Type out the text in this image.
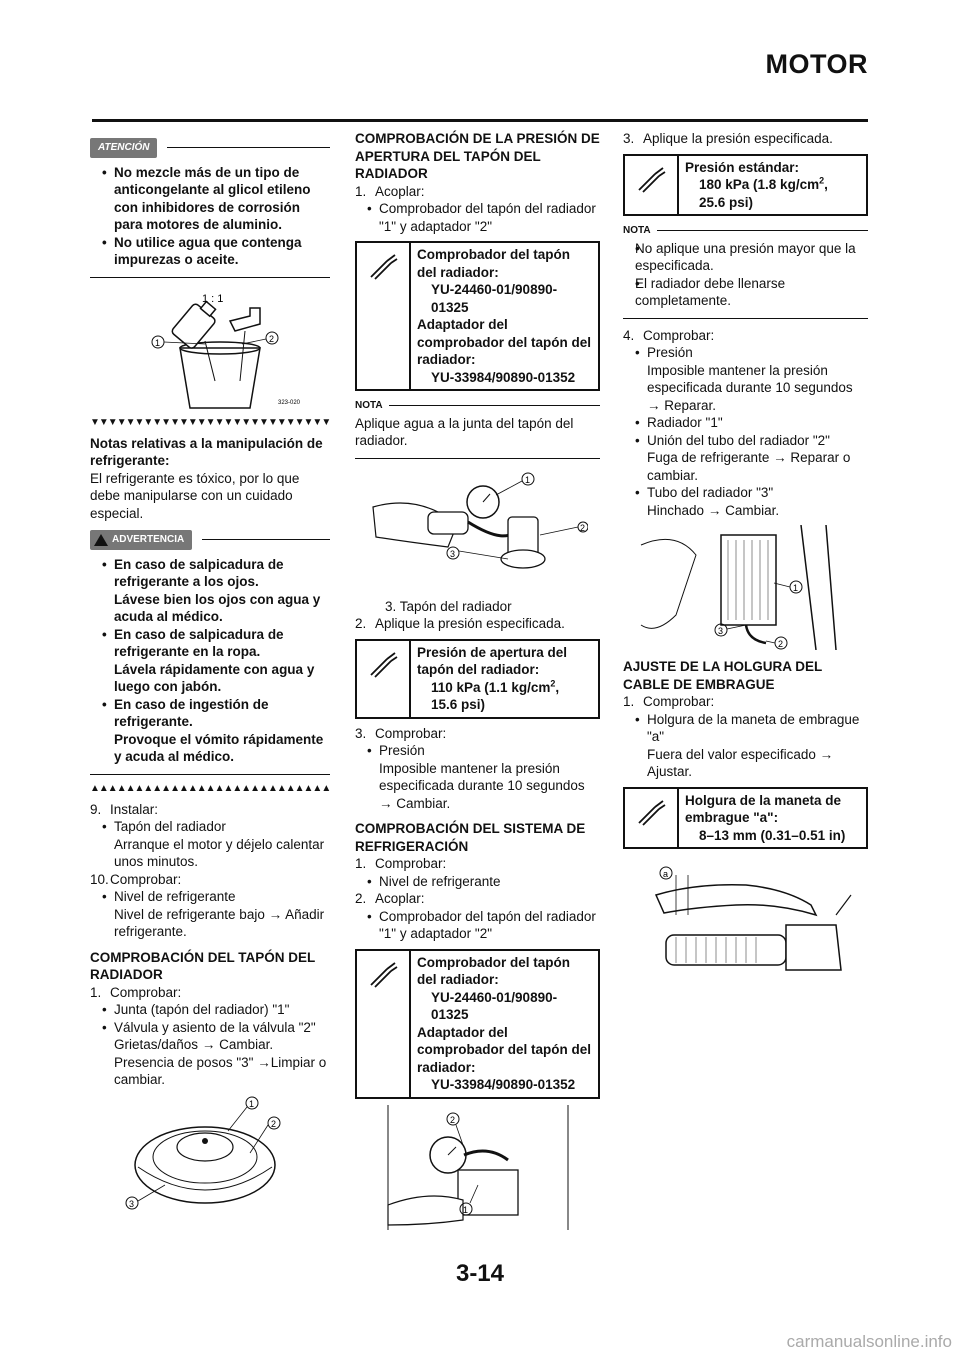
MOTOR
ATENCIÓN

• No mezcle más de un tipo de anticongelante al glicol etileno con inhibidores de corrosión para motores de aluminio.

• No utilice agua que contenga impurezas o aceite.

1 : 1
1	2
323-020
▼▼▼▼▼▼▼▼▼▼▼▼▼▼▼▼▼▼▼▼▼▼▼▼▼▼▼

Notas relativas a la manipulación de refrigerante:

El refrigerante es tóxico, por lo que debe manipularse con un cuidado especial.

ADVERTENCIA
• En caso de salpicadura de refrigerante a los ojos.
Lávese bien los ojos con agua y acuda al médico.
• En caso de salpicadura de refrigerante en la ropa.
Lávela rápidamente con agua y luego con jabón.
• En caso de ingestión de refrigerante.
Provoque el vómito rápidamente y acuda al médico.
▲▲▲▲▲▲▲▲▲▲▲▲▲▲▲▲▲▲▲▲▲▲▲▲▲▲▲

9. Instalar:

• Tapón del radiador

Arranque el motor y déjelo calentar unos minutos.

10.Comprobar:

• Nivel de refrigerante

Nivel de refrigerante bajo → Añadir refrigerante.

COMPROBACIÓN DEL TAPÓN DEL RADIADOR

1. Comprobar:

• Junta (tapón del radiador) "1"

• Válvula y asiento de la válvula "2"

Grietas/daños → Cambiar.

Presencia de posos "3" →Limpiar o cambiar.

1
2
3

COMPROBACIÓN DE LA PRESIÓN DE APERTURA DEL TAPÓN DEL RADIADOR

1. Acoplar:

• Comprobador del tapón del radiador "1" y adaptador "2"

Comprobador del tapón del radiador:
YU-24460-01/90890-01325
Adaptador del comprobador del tapón del radiador:
YU-33984/90890-01352
NOTA

Aplique agua a la junta del tapón del radiador.

1
2
3

3. Tapón del radiador

2. Aplique la presión especificada.

Presión de apertura del tapón del radiador:
110 kPa (1.1 $kg/cm^2$,
15.6 psi)

3. Comprobar:

• Presión

Imposible mantener la presión especificada durante 10 segundos

→ Cambiar.

COMPROBACIÓN DEL SISTEMA DE REFRIGERACIÓN

1. Comprobar:

• Nivel de refrigerante

2. Acoplar:

• Comprobador del tapón del radiador "1" y adaptador "2"

Comprobador del tapón del radiador:
YU-24460-01/90890-01325
Adaptador del comprobador del tapón del radiador:
YU-33984/90890-01352
2
1

3. Aplique la presión especificada.

Presión estándar:
180 kPa (1.8 $kg/cm^2$,
25.6 psi)
NOTA

• No aplique una presión mayor que la especificada.

• El radiador debe llenarse completamente.

4. Comprobar:

• Presión

Imposible mantener la presión especificada durante 10 segundos

→ Reparar.

• Radiador "1"

• Unión del tubo del radiador "2"

Fuga de refrigerante → Reparar o cambiar.

• Tubo del radiador "3"

Hinchado → Cambiar.

1
3
2

AJUSTE DE LA HOLGURA DEL CABLE DE EMBRAGUE

1. Comprobar:

• Holgura de la maneta de embrague "a"

Fuera del valor especificado →
Ajustar.

Holgura de la maneta de embrague "a":
8–13 mm (0.31–0.51 in)
a
3-14
carmanualsonline.info
